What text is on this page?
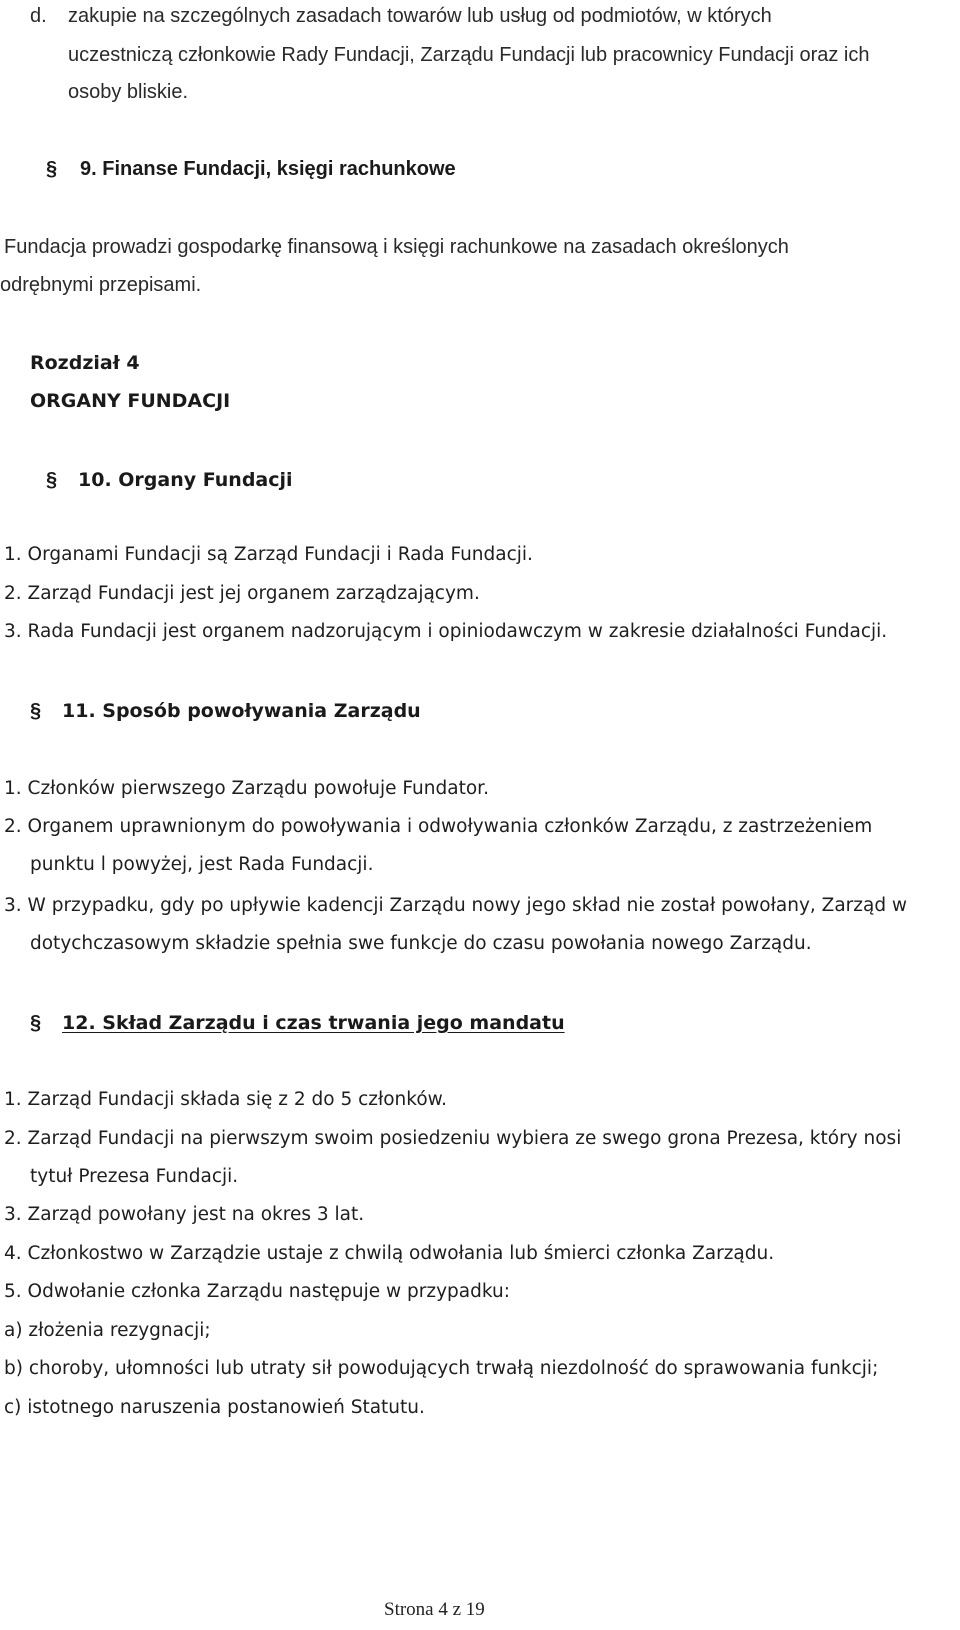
d. zakupie na szczególnych zasadach towarów lub usług od podmiotów, w których
uczestniczą członkowie Rady Fundacji, Zarządu Fundacji lub pracownicy Fundacji oraz ich
osoby bliskie.
§ 9. Finanse Fundacji, księgi rachunkowe
Fundacja prowadzi gospodarkę finansową i księgi rachunkowe na zasadach określonych
odrębnymi przepisami.
Rozdział 4
ORGANY FUNDACJI
§ 10. Organy Fundacji
1. Organami Fundacji są Zarząd Fundacji i Rada Fundacji.
2. Zarząd Fundacji jest jej organem zarządzającym.
3. Rada Fundacji jest organem nadzorującym i opiniodawczym w zakresie działalności Fundacji.
§ 11. Sposób powoływania Zarządu
1. Członków pierwszego Zarządu powołuje Fundator.
2. Organem uprawnionym do powoływania i odwoływania członków Zarządu, z zastrzeżeniem
punktu l powyżej, jest Rada Fundacji.
3. W przypadku, gdy po upływie kadencji Zarządu nowy jego skład nie został powołany, Zarząd w
dotychczasowym składzie spełnia swe funkcje do czasu powołania nowego Zarządu.
§ 12. Skład Zarządu i czas trwania jego mandatu
1. Zarząd Fundacji składa się z 2 do 5 członków.
2. Zarząd Fundacji na pierwszym swoim posiedzeniu wybiera ze swego grona Prezesa, który nosi
tytuł Prezesa Fundacji.
3. Zarząd powołany jest na okres 3 lat.
4. Członkostwo w Zarządzie ustaje z chwilą odwołania lub śmierci członka Zarządu.
5. Odwołanie członka Zarządu następuje w przypadku:
a) złożenia rezygnacji;
b) choroby, ułomności lub utraty sił powodujących trwałą niezdolność do sprawowania funkcji;
c) istotnego naruszenia postanowień Statutu.
Strona 4 z 19
